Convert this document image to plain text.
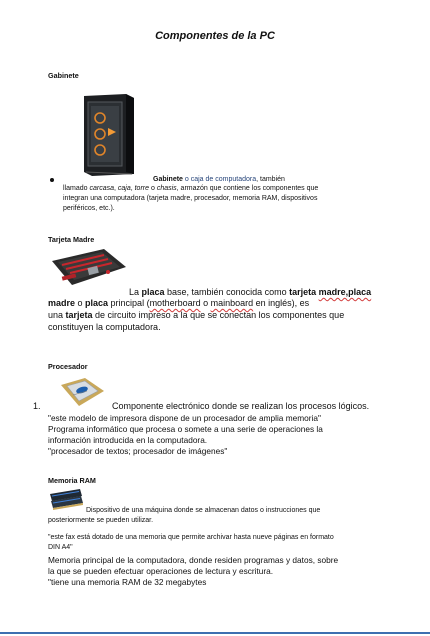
Componentes de la PC
Gabinete
Gabinete o caja de computadora, también
llamado carcasa, caja, torre o chasis, armazón que contiene los componentes que
integran una computadora (tarjeta madre, procesador, memoria RAM, dispositivos
periféricos, etc.).
Tarjeta Madre
La placa base, también conocida como tarjeta madre,placa
madre o placa principal (motherboard o mainboard en inglés), es
una tarjeta de circuito impreso a la que se conectan los componentes que
constituyen la computadora.
Procesador
1.	Componente electrónico donde se realizan los procesos lógicos.
"este modelo de impresora dispone de un procesador de amplia memoria"
Programa informático que procesa o somete a una serie de operaciones la
información introducida en la computadora.
"procesador de textos; procesador de imágenes"
Memoria RAM
Dispositivo de una máquina donde se almacenan datos o instrucciones que
posteriormente se pueden utilizar.
"este fax está dotado de una memoria que permite archivar hasta nueve páginas en formato
DIN A4"
Memoria principal de la computadora, donde residen programas y datos, sobre
la que se pueden efectuar operaciones de lectura y escritura.
"tiene una memoria RAM de 32 megabytes
